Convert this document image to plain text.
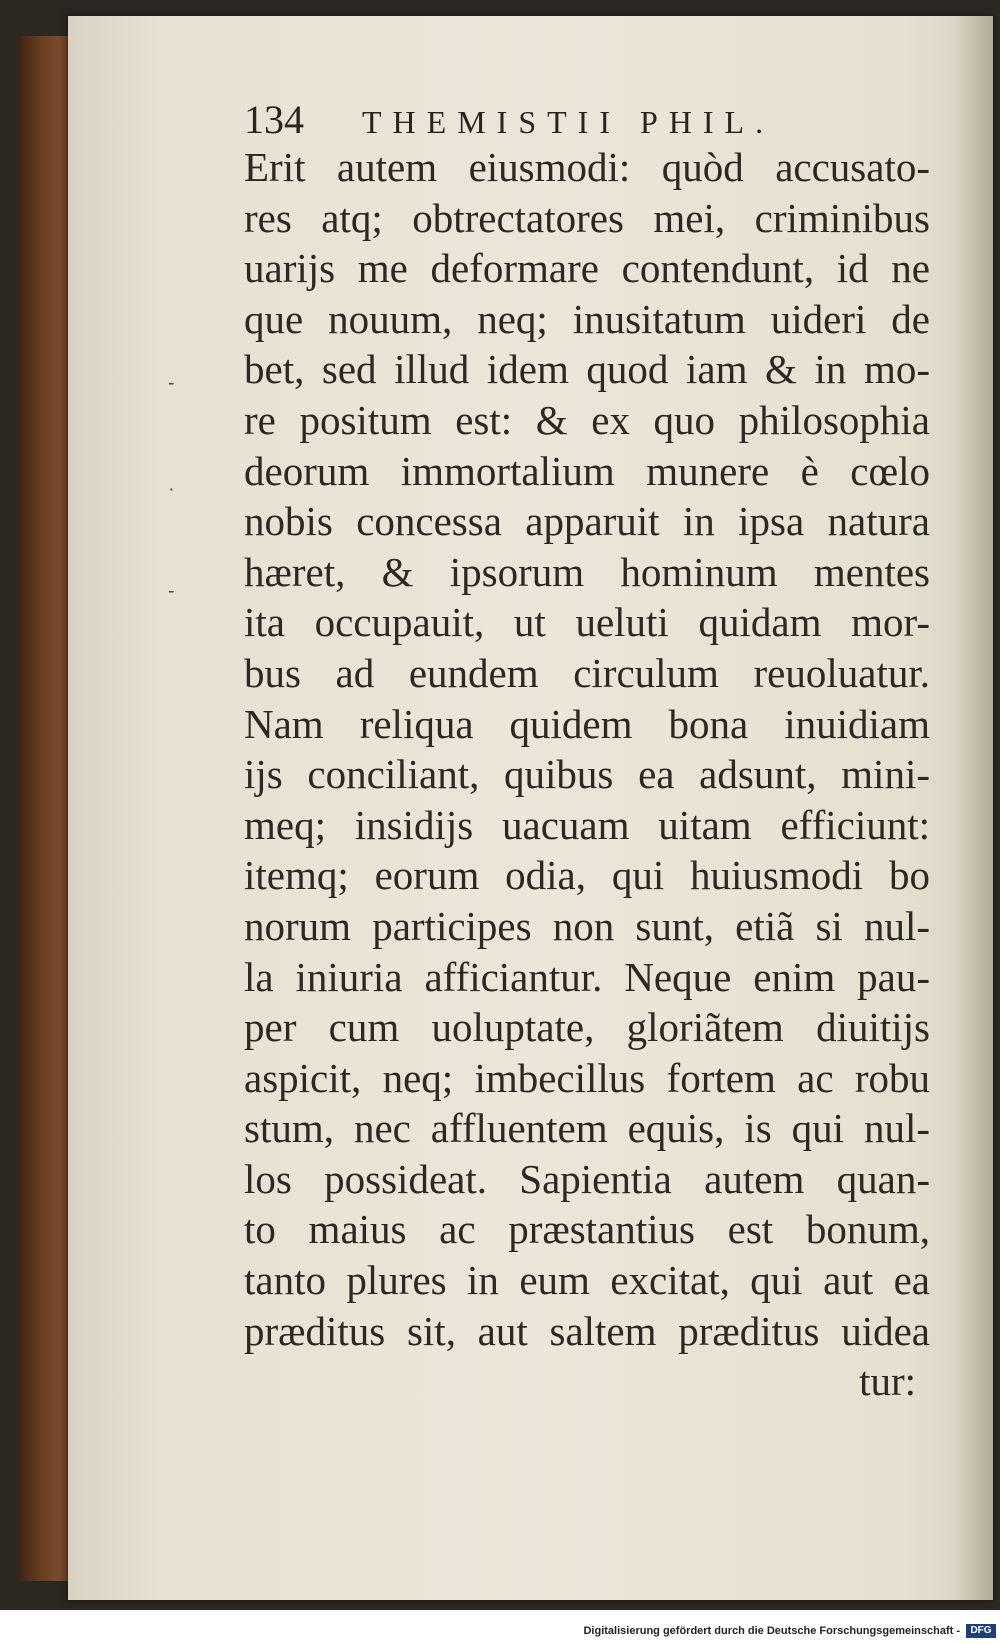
-
·
-
134 THEMISTII PHIL.
Erit autem eiusmodi: quòd accusato-
res atq; obtrectatores mei, criminibus
uarijs me deformare contendunt, id ne
que nouum, neq; inusitatum uideri de
bet, sed illud idem quod iam & in mo-
re positum est: & ex quo philosophia
deorum immortalium munere è cœlo
nobis concessa apparuit in ipsa natura
hæret, & ipsorum hominum mentes
ita occupauit, ut ueluti quidam mor-
bus ad eundem circulum reuoluatur.
Nam reliqua quidem bona inuidiam
ijs conciliant, quibus ea adsunt, mini-
meq; insidijs uacuam uitam efficiunt:
itemq; eorum odia, qui huiusmodi bo
norum participes non sunt, etiã si nul-
la iniuria afficiantur. Neque enim pau-
per cum uoluptate, gloriãtem diuitijs
aspicit, neq; imbecillus fortem ac robu
stum, nec affluentem equis, is qui nul-
los possideat. Sapientia autem quan-
to maius ac præstantius est bonum,
tanto plures in eum excitat, qui aut ea
præditus sit, aut saltem præditus uidea
tur:
Digitalisierung gefördert durch die Deutsche Forschungsgemeinschaft -	DFG
